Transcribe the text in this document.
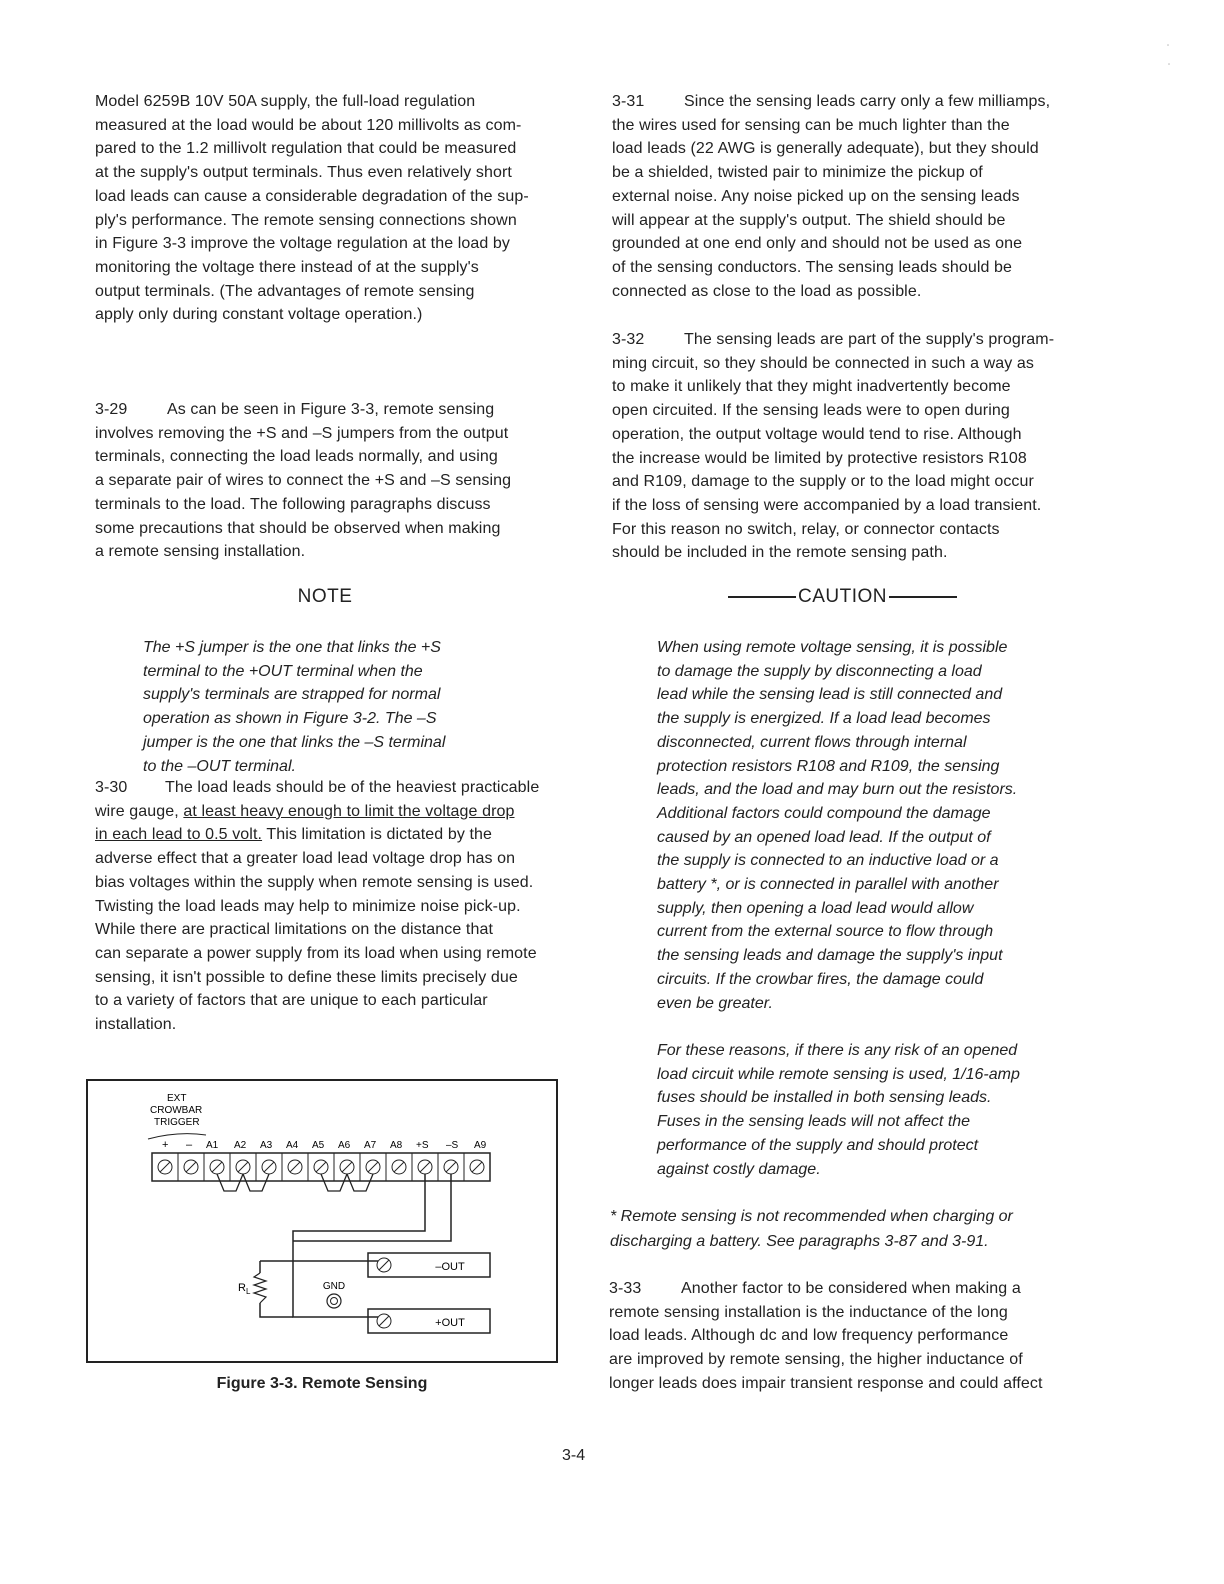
Model 6259B 10V 50A supply, the full-load regulation
measured at the load would be about 120 millivolts as com-
pared to the 1.2 millivolt regulation that could be measured
at the supply's output terminals. Thus even relatively short
load leads can cause a considerable degradation of the sup-
ply's performance. The remote sensing connections shown
in Figure 3-3 improve the voltage regulation at the load by
monitoring the voltage there instead of at the supply's
output terminals. (The advantages of remote sensing
apply only during constant voltage operation.)

3-29 As can be seen in Figure 3-3, remote sensing

involves removing the +S and –S jumpers from the output
terminals, connecting the load leads normally, and using
a separate pair of wires to connect the +S and –S sensing
terminals to the load. The following paragraphs discuss
some precautions that should be observed when making
a remote sensing installation.

NOTE
The +S jumper is the one that links the +S
terminal to the +OUT terminal when the
supply's terminals are strapped for normal
operation as shown in Figure 3-2. The –S
jumper is the one that links the –S terminal
to the –OUT terminal.

3-30 The load leads should be of the heaviest practicable
wire gauge, at least heavy enough to limit the voltage drop
in each lead to 0.5 volt. This limitation is dictated by the
adverse effect that a greater load lead voltage drop has on
bias voltages within the supply when remote sensing is used.
Twisting the load leads may help to minimize noise pick-up.
While there are practical limitations on the distance that
can separate a power supply from its load when using remote
sensing, it isn't possible to define these limits precisely due
to a variety of factors that are unique to each particular
installation.

EXT
CROWBAR
TRIGGER
+ – A1 A2 A3 A4 A5 A6 A7 A8 +S –S A9
$R_L$
–OUT
GND
+OUT
Figure 3-3. Remote Sensing

3-31 Since the sensing leads carry only a few milliamps,

the wires used for sensing can be much lighter than the
load leads (22 AWG is generally adequate), but they should
be a shielded, twisted pair to minimize the pickup of
external noise. Any noise picked up on the sensing leads
will appear at the supply's output. The shield should be
grounded at one end only and should not be used as one
of the sensing conductors. The sensing leads should be
connected as close to the load as possible.

3-32 The sensing leads are part of the supply's program-

ming circuit, so they should be connected in such a way as
to make it unlikely that they might inadvertently become
open circuited. If the sensing leads were to open during
operation, the output voltage would tend to rise. Although
the increase would be limited by protective resistors R108
and R109, damage to the supply or to the load might occur
if the loss of sensing were accompanied by a load transient.
For this reason no switch, relay, or connector contacts
should be included in the remote sensing path.

CAUTION
When using remote voltage sensing, it is possible
to damage the supply by disconnecting a load
lead while the sensing lead is still connected and
the supply is energized. If a load lead becomes
disconnected, current flows through internal
protection resistors R108 and R109, the sensing
leads, and the load and may burn out the resistors.
Additional factors could compound the damage
caused by an opened load lead. If the output of
the supply is connected to an inductive load or a
battery *, or is connected in parallel with another
supply, then opening a load lead would allow
current from the external source to flow through
the sensing leads and damage the supply's input
circuits. If the crowbar fires, the damage could
even be greater.
For these reasons, if there is any risk of an opened
load circuit while remote sensing is used, 1/16-amp
fuses should be installed in both sensing leads.
Fuses in the sensing leads will not affect the
performance of the supply and should protect
against costly damage.
* Remote sensing is not recommended when charging or
discharging a battery. See paragraphs 3-87 and 3-91.

3-33 Another factor to be considered when making a

remote sensing installation is the inductance of the long
load leads. Although dc and low frequency performance
are improved by remote sensing, the higher inductance of
longer leads does impair transient response and could affect

3-4
